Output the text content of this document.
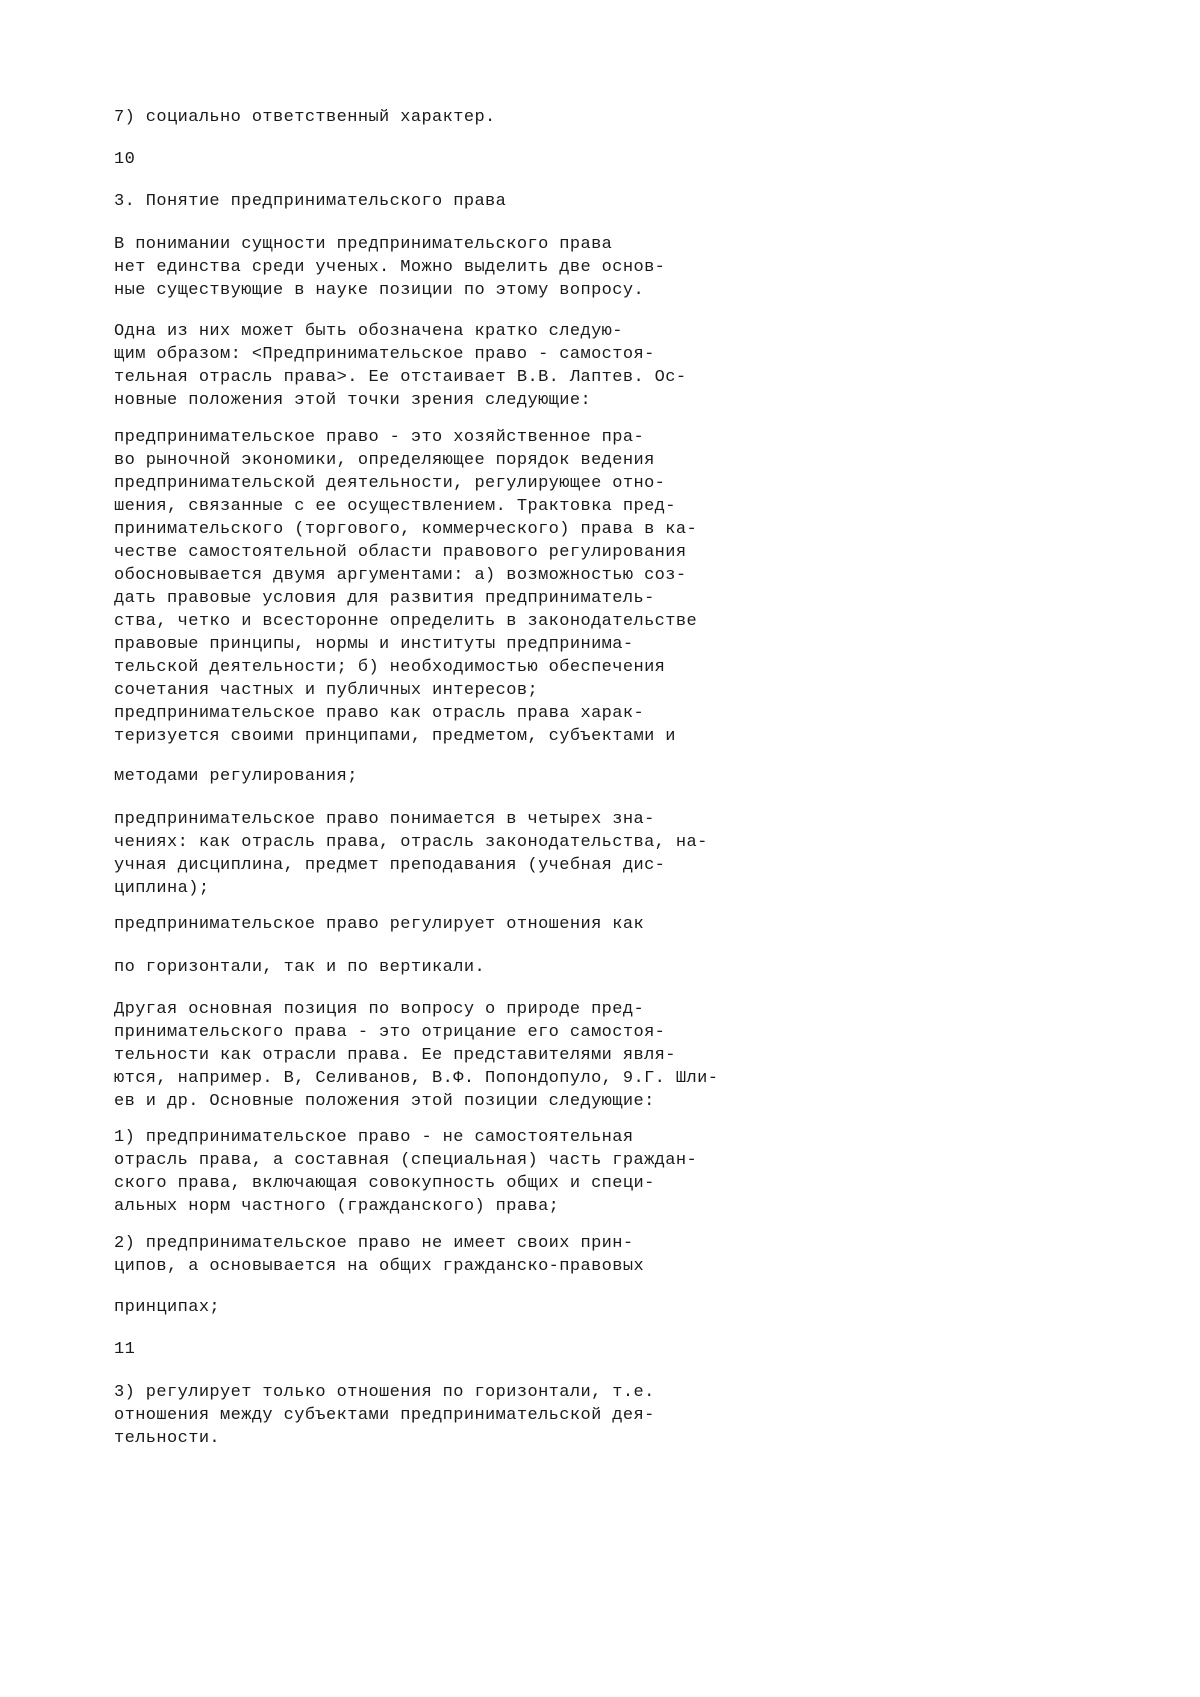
7) социально ответственный характер.

10

3. Понятие предпринимательского права

В понимании сущности предпринимательского права
нет единства среди ученых. Можно выделить две основ-
ные существующие в науке позиции по этому вопросу.

Одна из них может быть обозначена кратко следую-
щим образом: <Предпринимательское право - самостоя-
тельная отрасль права>. Ее отстаивает В.В. Лаптев. Ос-
новные положения этой точки зрения следующие:

предпринимательское право - это хозяйственное пра-
во рыночной экономики, определяющее порядок ведения
предпринимательской деятельности, регулирующее отно-
шения, связанные с ее осуществлением. Трактовка пред-
принимательского (торгового, коммерческого) права в ка-
честве самостоятельной области правового регулирования
обосновывается двумя аргументами: а) возможностью соз-
дать правовые условия для развития предприниматель-
ства, четко и всесторонне определить в законодательстве
правовые принципы, нормы и институты предпринима-
тельской деятельности; б) необходимостью обеспечения
сочетания частных и публичных интересов;

предпринимательское право как отрасль права харак-
теризуется своими принципами, предметом, субъектами и

методами регулирования;

предпринимательское право понимается в четырех зна-
чениях: как отрасль права, отрасль законодательства, на-
учная дисциплина, предмет преподавания (учебная дис-
циплина);

предпринимательское право регулирует отношения как

по горизонтали, так и по вертикали.

Другая основная позиция по вопросу о природе пред-
принимательского права - это отрицание его самостоя-
тельности как отрасли права. Ее представителями явля-
ются, например. В, Селиванов, В.Ф. Попондопуло, 9.Г. Шли-
ев и др. Основные положения этой позиции следующие:

1) предпринимательское право - не самостоятельная
отрасль права, а составная (специальная) часть граждан-
ского права, включающая совокупность общих и специ-
альных норм частного (гражданского) права;

2) предпринимательское право не имеет своих прин-
ципов, а основывается на общих гражданско-правовых

принципах;

11

3) регулирует только отношения по горизонтали, т.е.
отношения между субъектами предпринимательской дея-
тельности.
